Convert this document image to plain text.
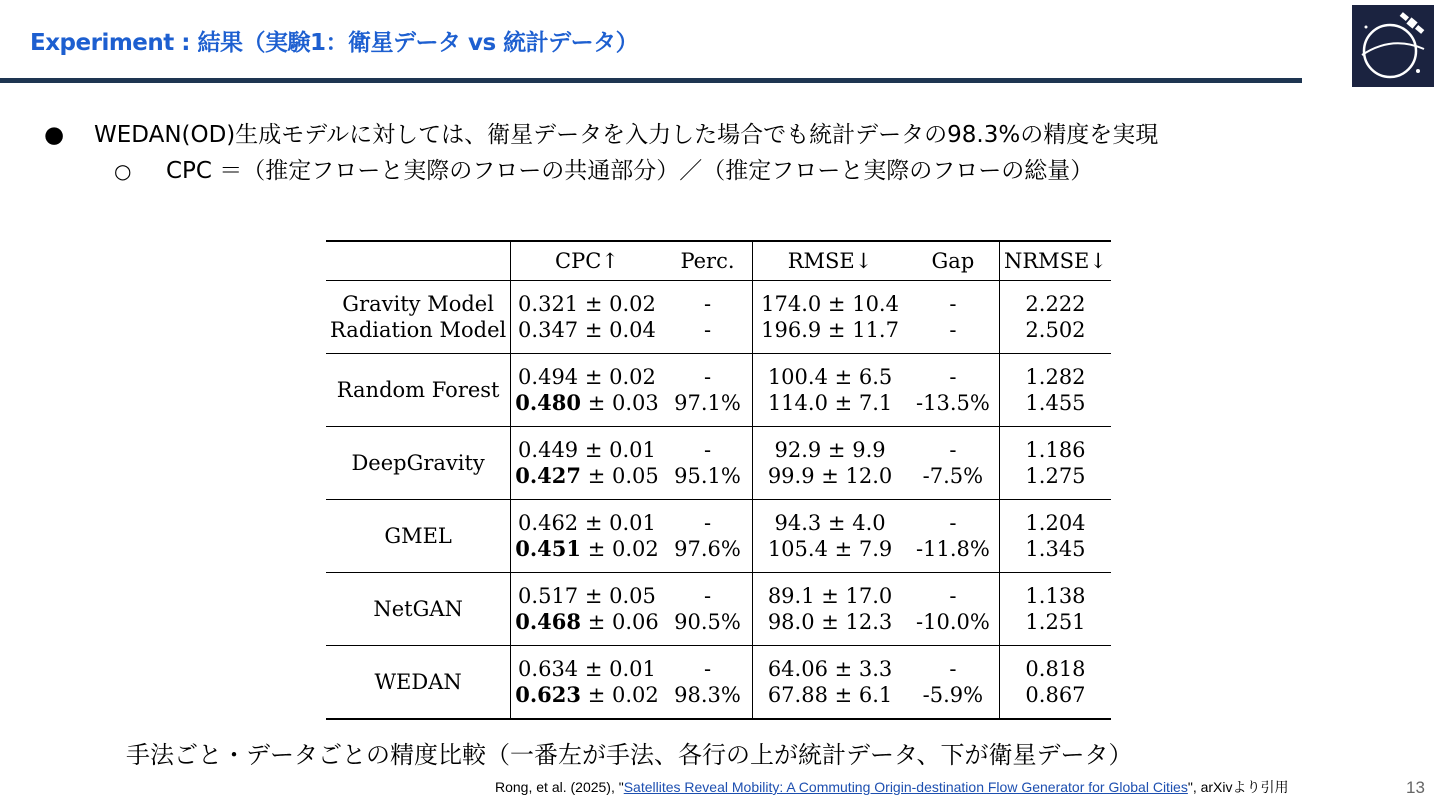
Experiment : 結果（実験1：衛星データ vs 統計データ）
● WEDAN(OD)生成モデルに対しては、衛星データを入力した場合でも統計データの98.3%の精度を実現
○ CPC ＝（推定フローと実際のフローの共通部分）／（推定フローと実際のフローの総量）
	CPC↑	Perc.	RMSE↓	Gap	NRMSE↓
Gravity Model	0.321 ± 0.02	-	174.0 ± 10.4	-	2.222
Radiation Model	0.347 ± 0.04	-	196.9 ± 11.7	-	2.502
Random Forest	0.494 ± 0.02	-	100.4 ± 6.5	-	1.282
	0.480 ± 0.03	97.1%	114.0 ± 7.1	-13.5%	1.455
DeepGravity	0.449 ± 0.01	-	92.9 ± 9.9	-	1.186
	0.427 ± 0.05	95.1%	99.9 ± 12.0	-7.5%	1.275
GMEL	0.462 ± 0.01	-	94.3 ± 4.0	-	1.204
	0.451 ± 0.02	97.6%	105.4 ± 7.9	-11.8%	1.345
NetGAN	0.517 ± 0.05	-	89.1 ± 17.0	-	1.138
	0.468 ± 0.06	90.5%	98.0 ± 12.3	-10.0%	1.251
WEDAN	0.634 ± 0.01	-	64.06 ± 3.3	-	0.818
	0.623 ± 0.02	98.3%	67.88 ± 6.1	-5.9%	0.867
手法ごと・データごとの精度比較（一番左が手法、各行の上が統計データ、下が衛星データ）
Rong, et al. (2025), "Satellites Reveal Mobility: A Commuting Origin-destination Flow Generator for Global Cities", arXivより引用	13
